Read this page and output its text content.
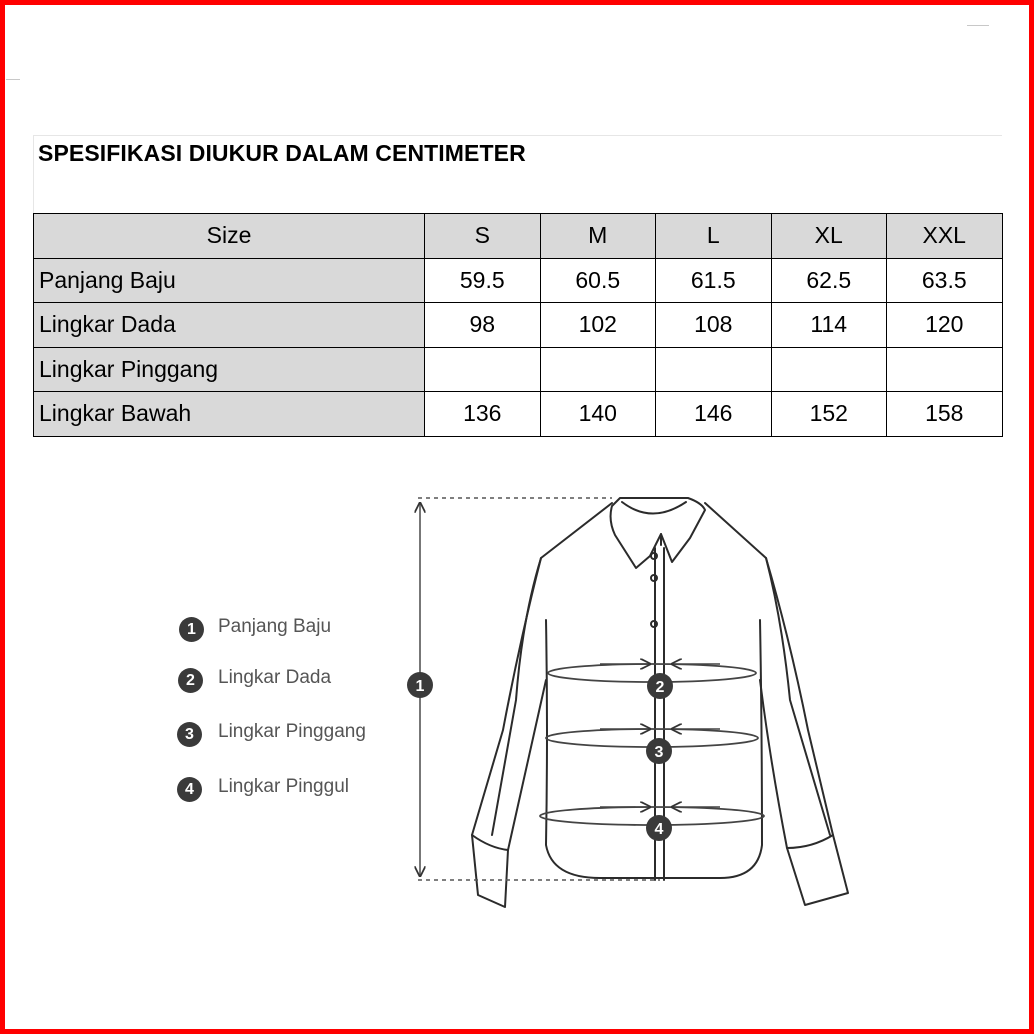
SPESIFIKASI DIUKUR DALAM CENTIMETER
Size	S	M	L	XL	XXL
Panjang Baju	59.5	60.5	61.5	62.5	63.5
Lingkar Dada	98	102	108	114	120
Lingkar Pinggang					
Lingkar Bawah	136	140	146	152	158
1	Panjang Baju
2	Lingkar Dada
3	Lingkar Pinggang
4	Lingkar Pinggul
1	2
3
4
